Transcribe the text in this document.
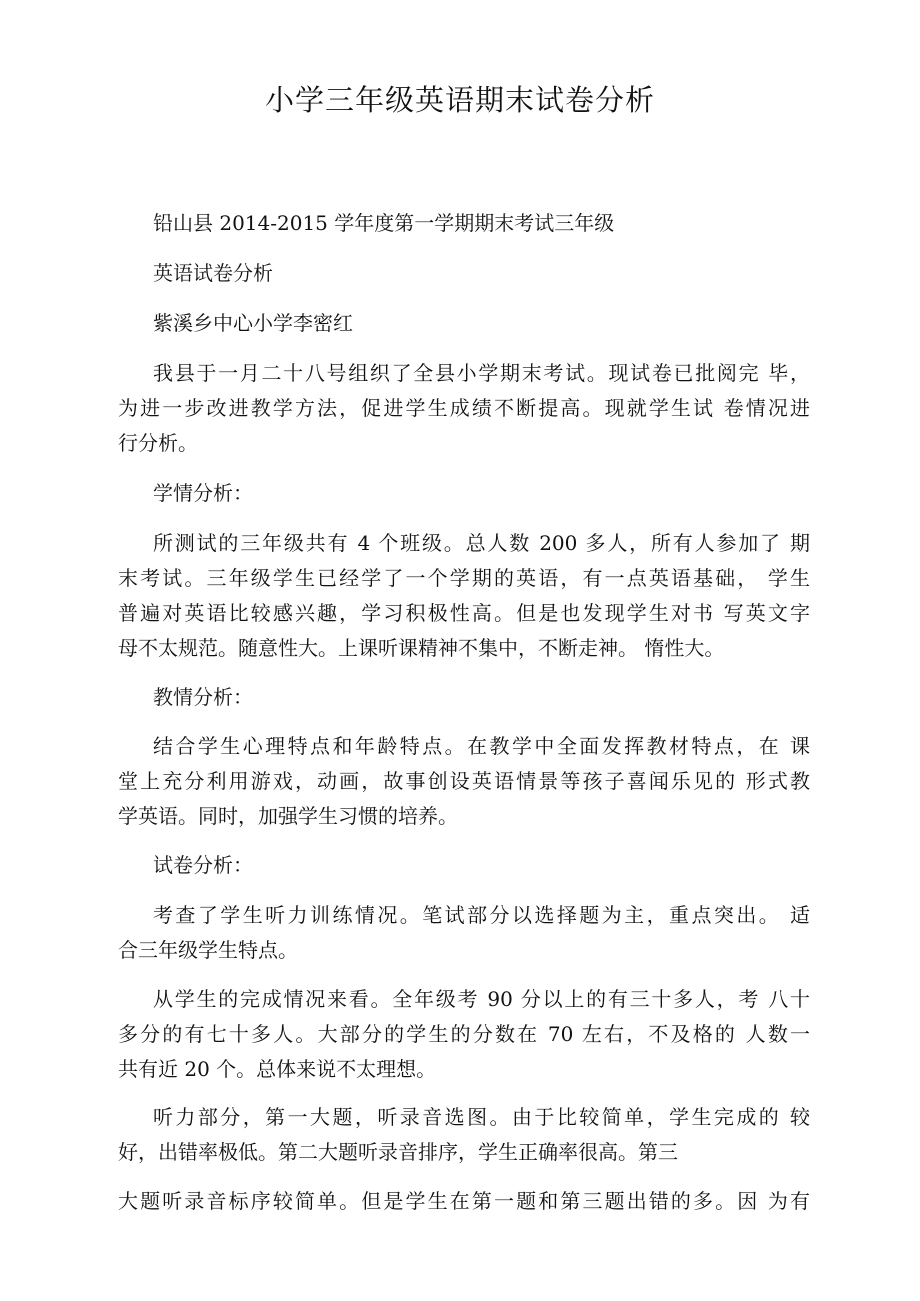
小学三年级英语期末试卷分析

铅山县 2014-2015 学年度第一学期期末考试三年级

英语试卷分析

紫溪乡中心小学李密红

我县于一月二十八号组织了全县小学期末考试。现试卷已批阅完 毕，
为进一步改进教学方法，促进学生成绩不断提高。现就学生试 卷情况进
行分析。

学情分析：

所测试的三年级共有 4 个班级。总人数 200 多人，所有人参加了 期
末考试。三年级学生已经学了一个学期的英语，有一点英语基础， 学生
普遍对英语比较感兴趣，学习积极性高。但是也发现学生对书 写英文字
母不太规范。随意性大。上课听课精神不集中，不断走神。 惰性大。

教情分析：

结合学生心理特点和年龄特点。在教学中全面发挥教材特点，在 课
堂上充分利用游戏，动画，故事创设英语情景等孩子喜闻乐见的 形式教
学英语。同时，加强学生习惯的培养。

试卷分析：

考查了学生听力训练情况。笔试部分以选择题为主，重点突出。 适
合三年级学生特点。
从学生的完成情况来看。全年级考 90 分以上的有三十多人，考 八十
多分的有七十多人。大部分的学生的分数在 70 左右，不及格的 人数一
共有近 20 个。总体来说不太理想。
听力部分，第一大题，听录音选图。由于比较简单，学生完成的 较
好，出错率极低。第二大题听录音排序，学生正确率很高。第三
大题听录音标序较简单。但是学生在第一题和第三题出错的多。因 为有
